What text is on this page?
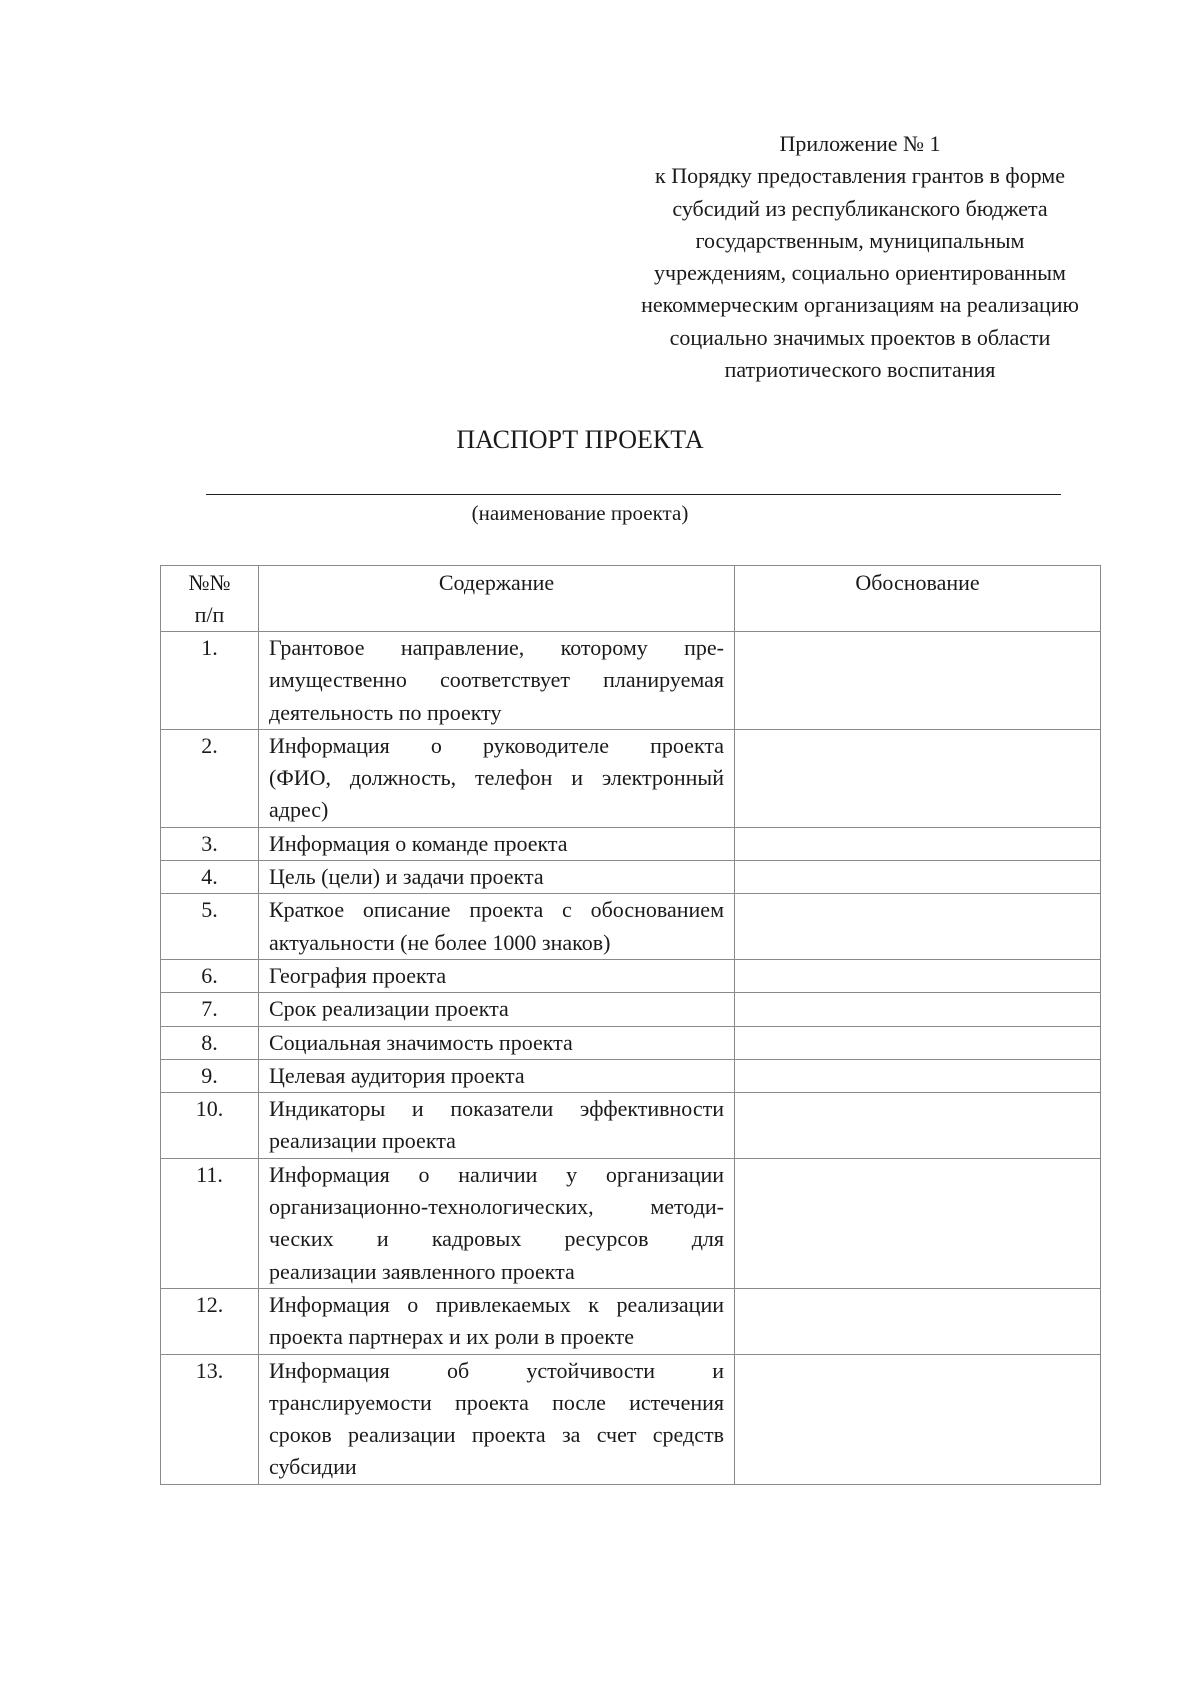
Приложение № 1
к Порядку предоставления грантов в форме
субсидий из республиканского бюджета
государственным, муниципальным
учреждениям, социально ориентированным
некоммерческим организациям на реализацию
социально значимых проектов в области
патриотического воспитания
ПАСПОРТ ПРОЕКТА
(наименование проекта)
№№
п/п	Содержание	Обоснование
1.	Грантовое направление, которому пре-
имущественно соответствует планируемая
деятельность по проекту	

2.	Информация о руководителе проекта
(ФИО, должность, телефон и электронный
адрес)	

3.	Информация о команде проекта	

4.	Цель (цели) и задачи проекта	

5.	Краткое описание проекта с обоснованием
актуальности (не более 1000 знаков)	

6.	География проекта	

7.	Срок реализации проекта	

8.	Социальная значимость проекта	

9.	Целевая аудитория проекта	

10.	Индикаторы и показатели эффективности
реализации проекта	

11.	Информация о наличии у организации
организационно-технологических, методи-
ческих и кадровых ресурсов для
реализации заявленного проекта	

12.	Информация о привлекаемых к реализации
проекта партнерах и их роли в проекте	

13.	Информация об устойчивости и
транслируемости проекта после истечения
сроков реализации проекта за счет средств
субсидии	
